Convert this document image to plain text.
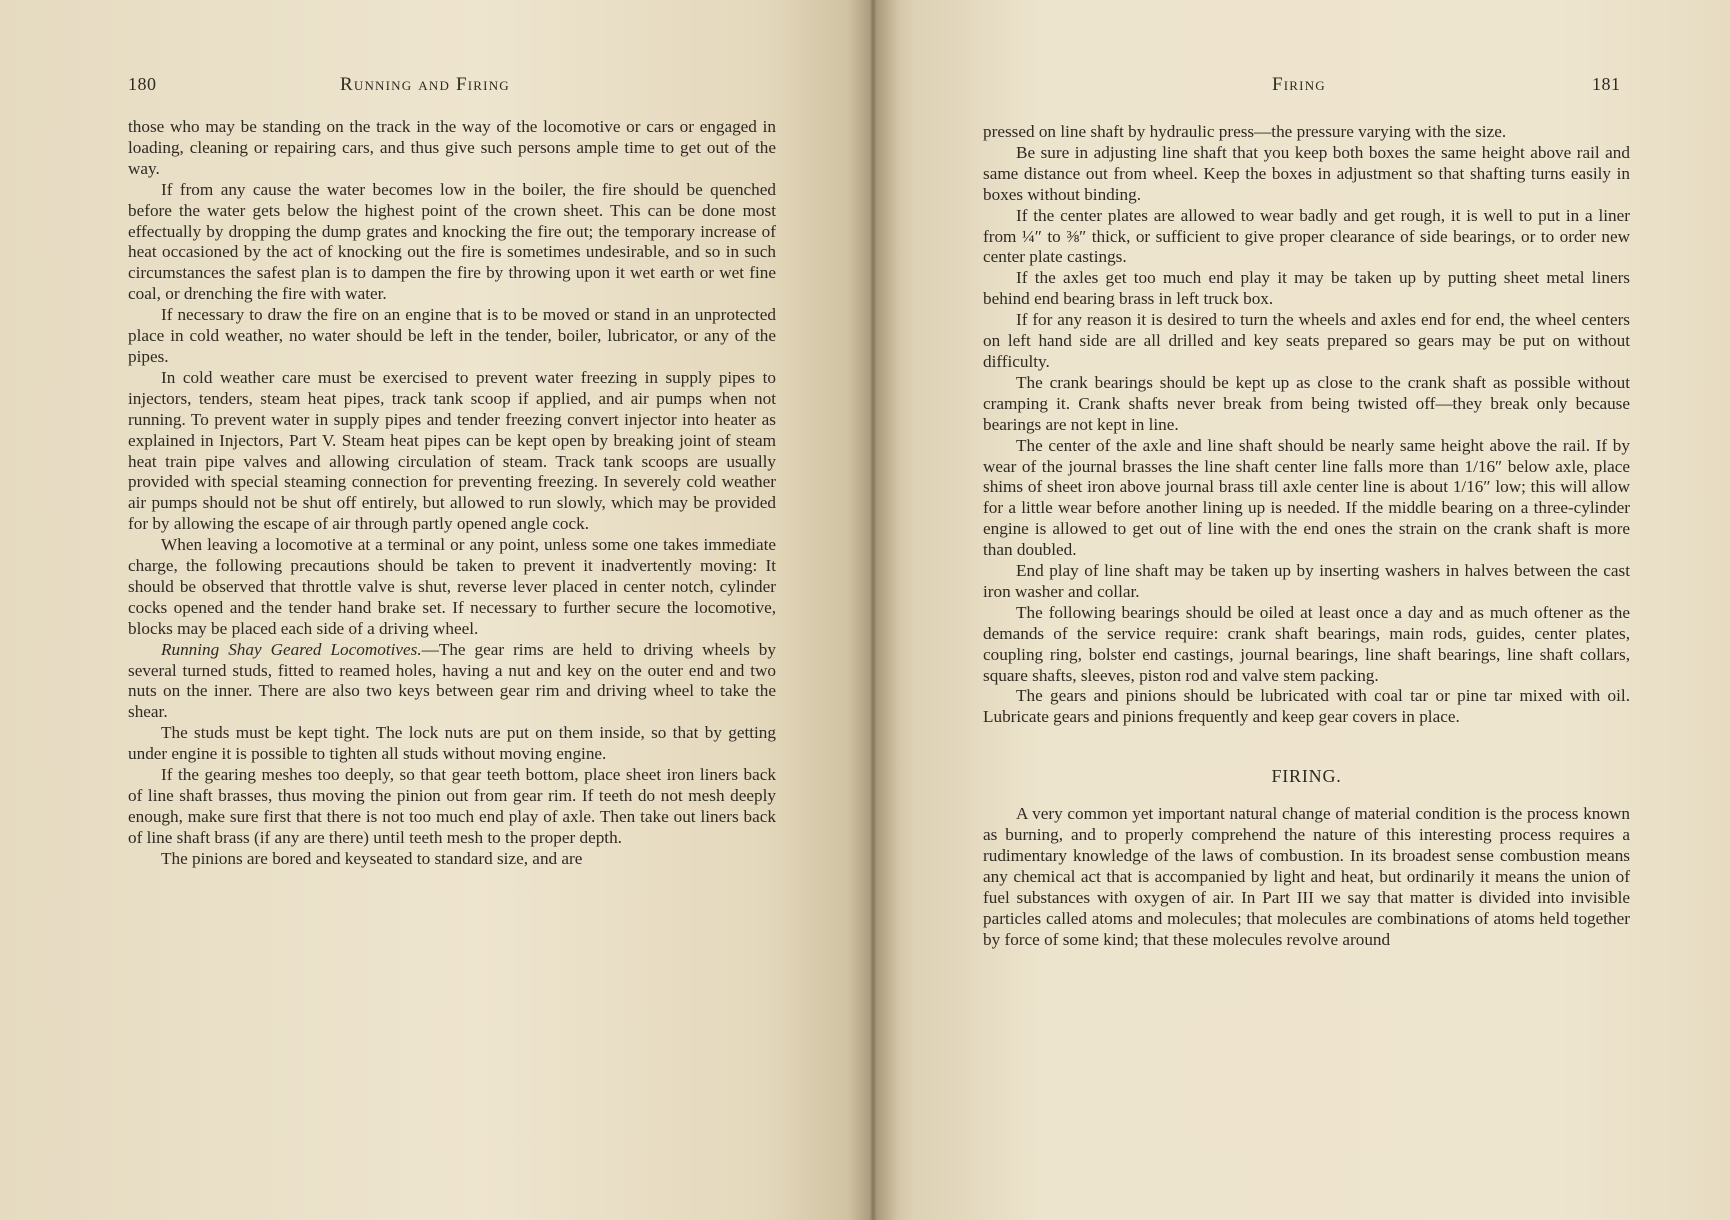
180	Running and Firing

those who may be standing on the track in the way of the locomotive or cars or engaged in loading, cleaning or repairing cars, and thus give such persons ample time to get out of the way.

If from any cause the water becomes low in the boiler, the fire should be quenched before the water gets below the highest point of the crown sheet. This can be done most effectually by dropping the dump grates and knocking the fire out; the temporary increase of heat occasioned by the act of knocking out the fire is sometimes undesirable, and so in such circumstances the safest plan is to dampen the fire by throwing upon it wet earth or wet fine coal, or drenching the fire with water.

If necessary to draw the fire on an engine that is to be moved or stand in an unprotected place in cold weather, no water should be left in the tender, boiler, lubricator, or any of the pipes.

In cold weather care must be exercised to prevent water freezing in supply pipes to injectors, tenders, steam heat pipes, track tank scoop if applied, and air pumps when not running. To prevent water in supply pipes and tender freezing convert injector into heater as explained in Injectors, Part V. Steam heat pipes can be kept open by breaking joint of steam heat train pipe valves and allowing circulation of steam. Track tank scoops are usually provided with special steaming connection for preventing freezing. In severely cold weather air pumps should not be shut off entirely, but allowed to run slowly, which may be provided for by allowing the escape of air through partly opened angle cock.

When leaving a locomotive at a terminal or any point, unless some one takes immediate charge, the following precautions should be taken to prevent it inadvertently moving: It should be observed that throttle valve is shut, reverse lever placed in center notch, cylinder cocks opened and the tender hand brake set. If necessary to further secure the locomotive, blocks may be placed each side of a driving wheel.

Running Shay Geared Locomotives.—The gear rims are held to driving wheels by several turned studs, fitted to reamed holes, having a nut and key on the outer end and two nuts on the inner. There are also two keys between gear rim and driving wheel to take the shear.

The studs must be kept tight. The lock nuts are put on them inside, so that by getting under engine it is possible to tighten all studs without moving engine.

If the gearing meshes too deeply, so that gear teeth bottom, place sheet iron liners back of line shaft brasses, thus moving the pinion out from gear rim. If teeth do not mesh deeply enough, make sure first that there is not too much end play of axle. Then take out liners back of line shaft brass (if any are there) until teeth mesh to the proper depth.

The pinions are bored and keyseated to standard size, and are

Firing	181

pressed on line shaft by hydraulic press—the pressure varying with the size.

Be sure in adjusting line shaft that you keep both boxes the same height above rail and same distance out from wheel. Keep the boxes in adjustment so that shafting turns easily in boxes without binding.

If the center plates are allowed to wear badly and get rough, it is well to put in a liner from ¼″ to ⅜″ thick, or sufficient to give proper clearance of side bearings, or to order new center plate castings.

If the axles get too much end play it may be taken up by putting sheet metal liners behind end bearing brass in left truck box.

If for any reason it is desired to turn the wheels and axles end for end, the wheel centers on left hand side are all drilled and key seats prepared so gears may be put on without difficulty.

The crank bearings should be kept up as close to the crank shaft as possible without cramping it. Crank shafts never break from being twisted off—they break only because bearings are not kept in line.

The center of the axle and line shaft should be nearly same height above the rail. If by wear of the journal brasses the line shaft center line falls more than 1/16″ below axle, place shims of sheet iron above journal brass till axle center line is about 1/16″ low; this will allow for a little wear before another lining up is needed. If the middle bearing on a three-cylinder engine is allowed to get out of line with the end ones the strain on the crank shaft is more than doubled.

End play of line shaft may be taken up by inserting washers in halves between the cast iron washer and collar.

The following bearings should be oiled at least once a day and as much oftener as the demands of the service require: crank shaft bearings, main rods, guides, center plates, coupling ring, bolster end castings, journal bearings, line shaft bearings, line shaft collars, square shafts, sleeves, piston rod and valve stem packing.

The gears and pinions should be lubricated with coal tar or pine tar mixed with oil. Lubricate gears and pinions frequently and keep gear covers in place.

FIRING.

A very common yet important natural change of material condition is the process known as burning, and to properly comprehend the nature of this interesting process requires a rudimentary knowledge of the laws of combustion. In its broadest sense combustion means any chemical act that is accompanied by light and heat, but ordinarily it means the union of fuel substances with oxygen of air. In Part III we say that matter is divided into invisible particles called atoms and molecules; that molecules are combinations of atoms held together by force of some kind; that these molecules revolve around
